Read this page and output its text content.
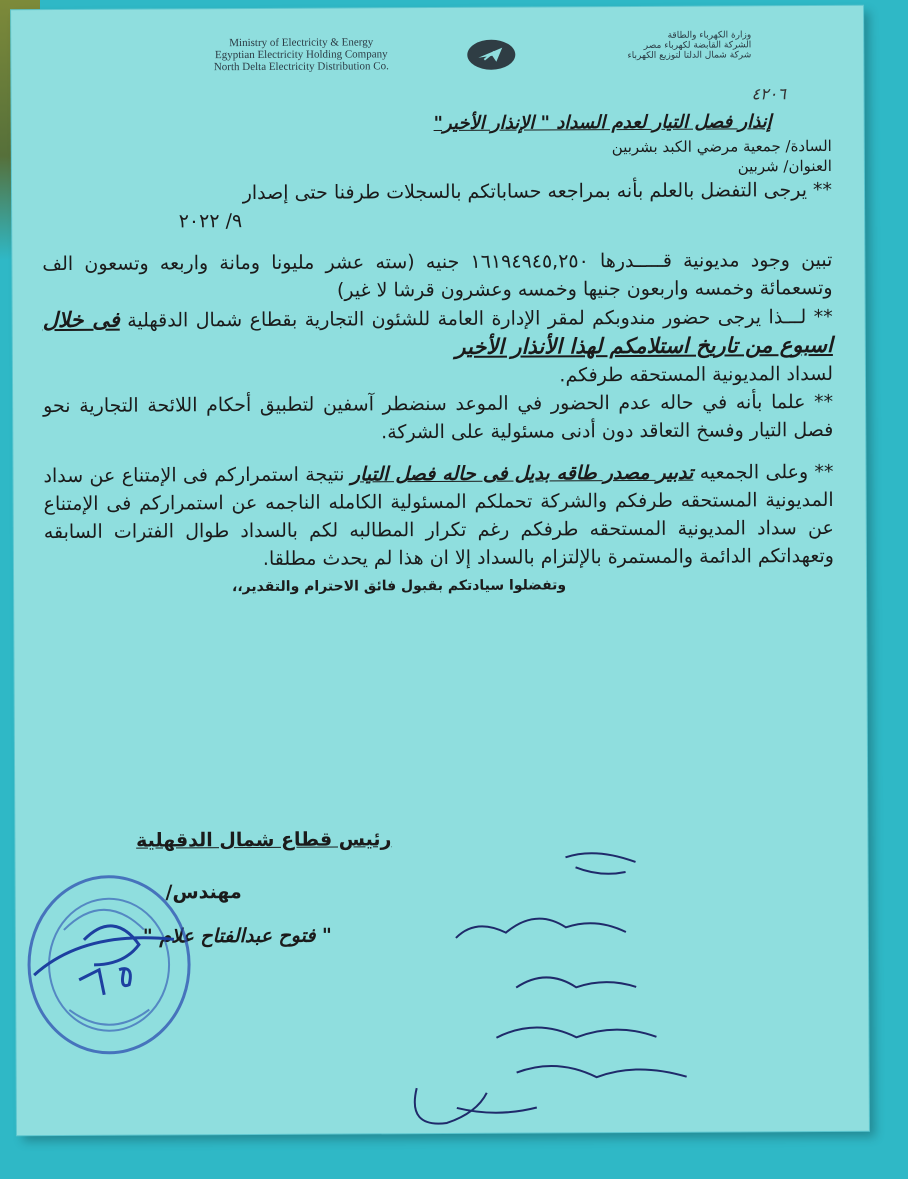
Ministry of Electricity & Energy
Egyptian Electricity Holding Company
North Delta Electricity Distribution Co.
وزارة الكهرباء والطاقة
الشركة القابضة لكهرباء مصر
شركة شمال الدلتا لتوزيع الكهرباء
٤٢٠٦

إنذار فصل التيار لعدم السداد " الإنذار الأخير"

السادة/ جمعية مرضي الكبد بشربين

العنوان/ شربين

** يرجى التفضل بالعلم بأنه بمراجعه حساباتكم بالسجلات طرفنا حتى إصدار

٩/ ٢٠٢٢

تبين وجود مديونية قـــــدرها ١٦١٩٤٩٤٥,٢٥٠ جنيه (سته عشر مليونا ومانة واربعه وتسعون الف وتسعمائة وخمسه واربعون جنيها وخمسه وعشرون قرشا لا غير)

** لـــذا يرجى حضور مندوبكم لمقر الإدارة العامة للشئون التجارية بقطاع شمال الدقهلية فى خلال اسبوع من تاريخ استلامكم لهذا الأنذار الأخير

لسداد المديونية المستحقه طرفكم.

** علما بأنه في حاله عدم الحضور في الموعد سنضطر آسفين لتطبيق أحكام اللائحة التجارية نحو فصل التيار وفسخ التعاقد دون أدنى مسئولية على الشركة.

** وعلى الجمعيه تدبير مصدر طاقه بديل فى حاله فصل التيار نتيجة استمراركم فى الإمتناع عن سداد المديونية المستحقه طرفكم والشركة تحملكم المسئولية الكامله الناجمه عن استمراركم فى الإمتناع عن سداد المديونية المستحقه طرفكم رغم تكرار المطالبه لكم بالسداد طوال الفترات السابقه وتعهداتكم الدائمة والمستمرة بالإلتزام بالسداد إلا ان هذا لم يحدث مطلقا.

وتفضلوا سيادتكم بقبول فائق الاحترام والتقدير،،

رئيس قطاع شمال الدقهلية
مهندس/
" فتوح عبدالفتاح علام "
